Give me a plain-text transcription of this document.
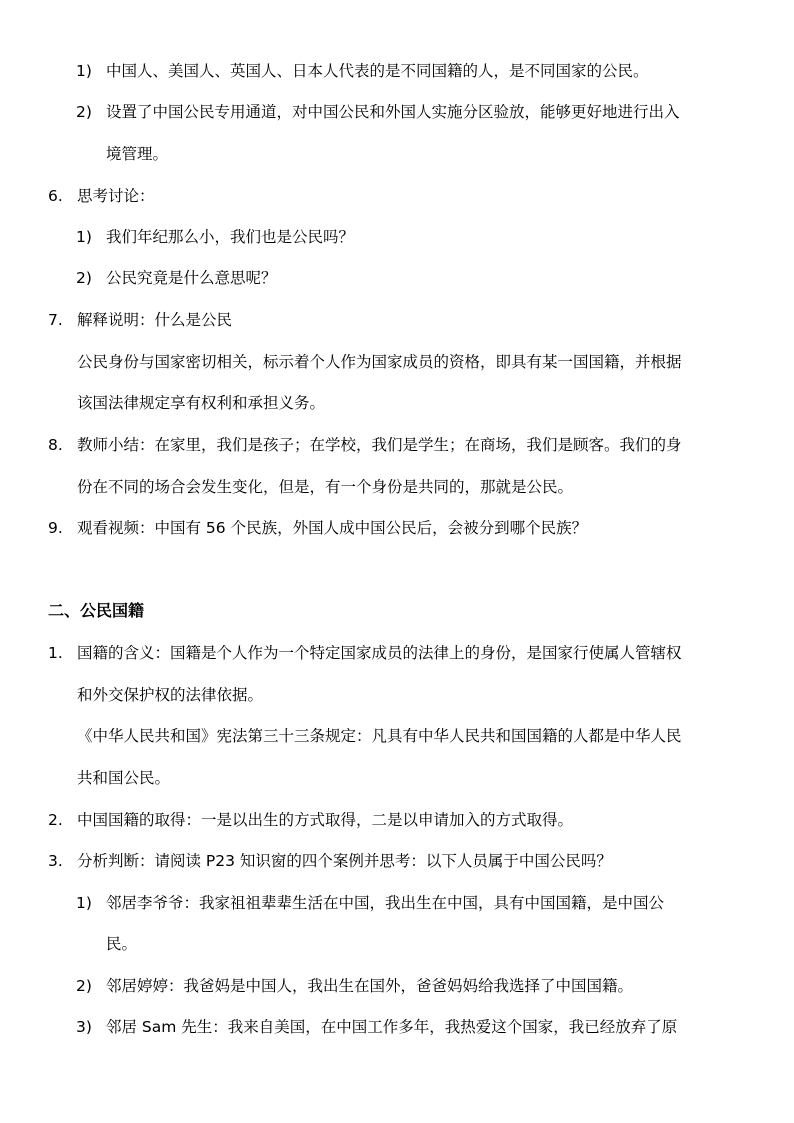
1) 中国人、美国人、英国人、日本人代表的是不同国籍的人，是不同国家的公民。
2) 设置了中国公民专用通道，对中国公民和外国人实施分区验放，能够更好地进行出入
境管理。
6. 思考讨论：
1) 我们年纪那么小，我们也是公民吗？
2) 公民究竟是什么意思呢？
7. 解释说明：什么是公民
公民身份与国家密切相关，标示着个人作为国家成员的资格，即具有某一国国籍，并根据
该国法律规定享有权利和承担义务。
8. 教师小结：在家里，我们是孩子；在学校，我们是学生；在商场，我们是顾客。我们的身
份在不同的场合会发生变化，但是，有一个身份是共同的，那就是公民。
9. 观看视频：中国有 56 个民族，外国人成中国公民后，会被分到哪个民族？
二、公民国籍
1. 国籍的含义：国籍是个人作为一个特定国家成员的法律上的身份，是国家行使属人管辖权
和外交保护权的法律依据。
《中华人民共和国》宪法第三十三条规定：凡具有中华人民共和国国籍的人都是中华人民
共和国公民。
2. 中国国籍的取得：一是以出生的方式取得，二是以申请加入的方式取得。
3. 分析判断：请阅读 P23 知识窗的四个案例并思考：以下人员属于中国公民吗？
1) 邻居李爷爷：我家祖祖辈辈生活在中国，我出生在中国，具有中国国籍，是中国公
民。
2) 邻居婷婷：我爸妈是中国人，我出生在国外，爸爸妈妈给我选择了中国国籍。
3) 邻居 Sam 先生：我来自美国，在中国工作多年，我热爱这个国家，我已经放弃了原
